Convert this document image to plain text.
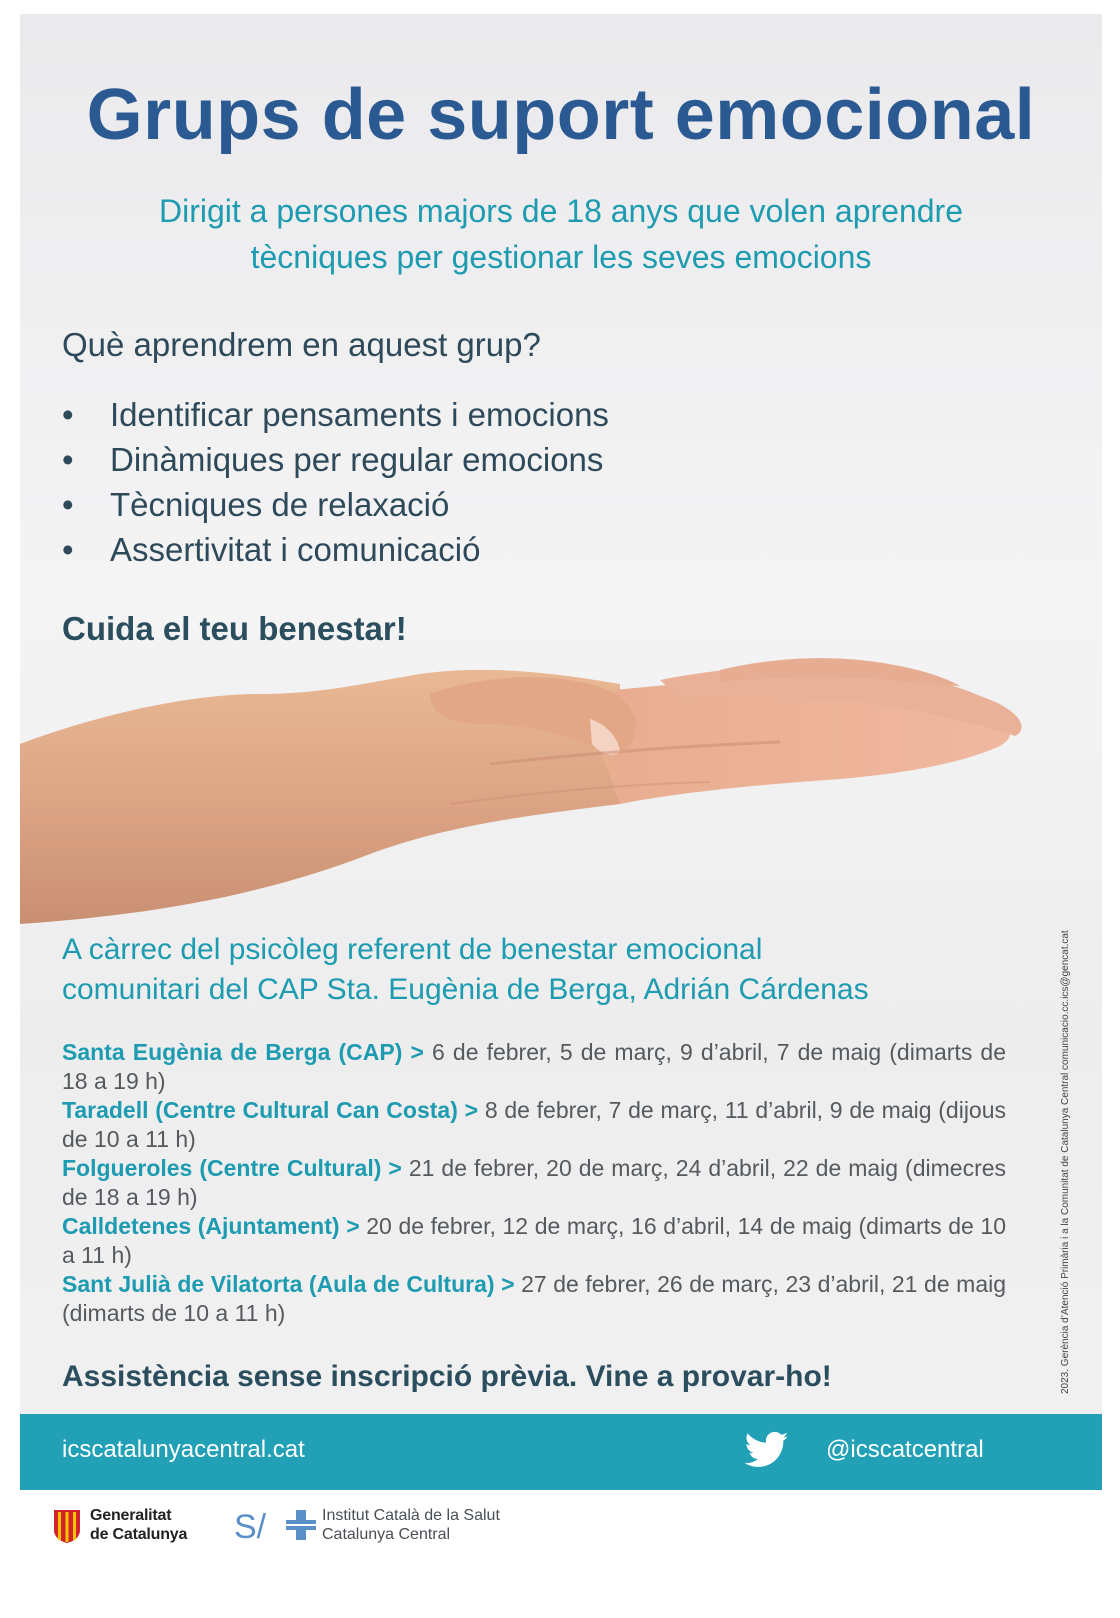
Grups de suport emocional
Dirigit a persones majors de 18 anys que volen aprendre
tècniques per gestionar les seves emocions
Què aprendrem en aquest grup?
• Identificar pensaments i emocions
• Dinàmiques per regular emocions
• Tècniques de relaxació
• Assertivitat i comunicació
Cuida el teu benestar!
A càrrec del psicòleg referent de benestar emocional
comunitari del CAP Sta. Eugènia de Berga, Adrián Cárdenas

Santa Eugènia de Berga (CAP) > 6 de febrer, 5 de març, 9 d’abril, 7 de maig (dimarts de 18 a 19 h)

Taradell (Centre Cultural Can Costa) > 8 de febrer, 7 de març, 11 d’abril, 9 de maig (dijous de 10 a 11 h)

Folgueroles (Centre Cultural) > 21 de febrer, 20 de març, 24 d’abril, 22 de maig (dimecres de 18 a 19 h)

Calldetenes (Ajuntament) > 20 de febrer, 12 de març, 16 d’abril, 14 de maig (dimarts de 10 a 11 h)

Sant Julià de Vilatorta (Aula de Cultura) > 27 de febrer, 26 de març, 23 d’abril, 21 de maig (dimarts de 10 a 11 h)

Assistència sense inscripció prèvia. Vine a provar-ho!	2023. Gerència d’Atenció Primària i a la Comunitat de Catalunya Central comunicacio.cc.ics@gencat.cat
icscatalunyacentral.cat	@icscatcentral
Generalitat
de Catalunya S/	Institut Català de la Salut
Catalunya Central
